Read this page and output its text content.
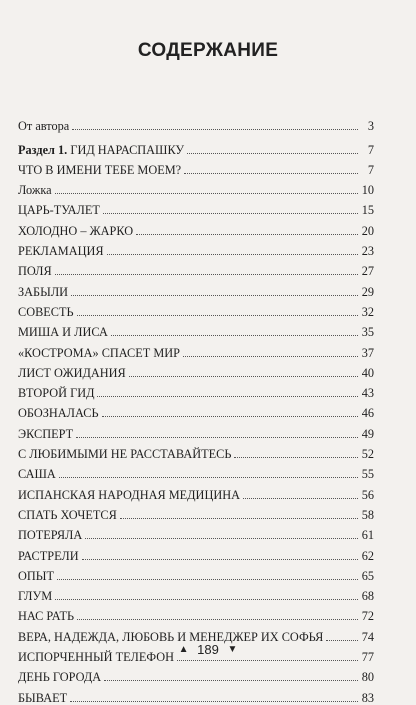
СОДЕРЖАНИЕ
От автора	3
Раздел 1. ГИД НАРАСПАШКУ	7
ЧТО В ИМЕНИ ТЕБЕ МОЕМ?	7
Ложка	10
ЦАРЬ-ТУАЛЕТ	15
ХОЛОДНО – ЖАРКО	20
РЕКЛАМАЦИЯ	23
ПОЛЯ	27
ЗАБЫЛИ	29
СОВЕСТЬ	32
МИША И ЛИСА	35
«КОСТРОМА» СПАСЕТ МИР	37
ЛИСТ ОЖИДАНИЯ	40
ВТОРОЙ ГИД	43
ОБОЗНАЛАСЬ	46
ЭКСПЕРТ	49
С ЛЮБИМЫМИ НЕ РАССТАВАЙТЕСЬ	52
САША	55
ИСПАНСКАЯ НАРОДНАЯ МЕДИЦИНА	56
СПАТЬ ХОЧЕТСЯ	58
ПОТЕРЯЛА	61
РАСТРЕЛИ	62
ОПЫТ	65
ГЛУМ	68
НАС РАТЬ	72
ВЕРА, НАДЕЖДА, ЛЮБОВЬ И МЕНЕДЖЕР ИХ СОФЬЯ	74
ИСПОРЧЕННЫЙ ТЕЛЕФОН	77
ДЕНЬ ГОРОДА	80
БЫВАЕТ	83
▲ 189 ▼
